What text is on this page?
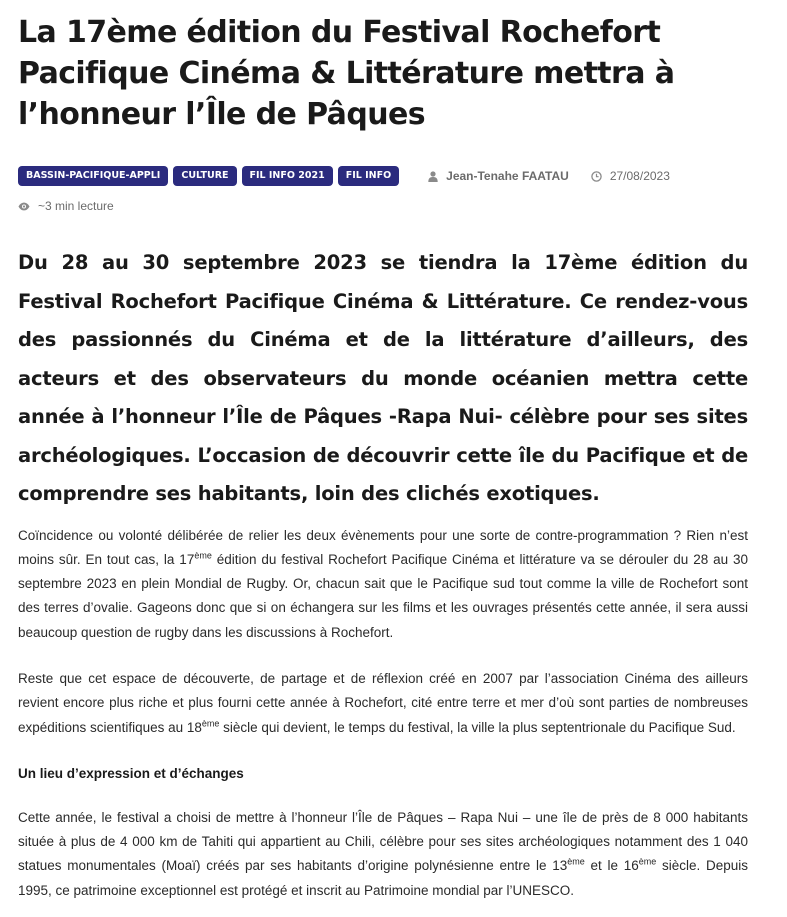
La 17ème édition du Festival Rochefort Pacifique Cinéma & Littérature mettra à l’honneur l’Île de Pâques
BASSIN-PACIFIQUE-APPLI	CULTURE	FIL INFO 2021	FIL INFO	Jean-Tenahe FAATAU	27/08/2023
~3 min lecture

Du 28 au 30 septembre 2023 se tiendra la 17ème édition du Festival Rochefort Pacifique Cinéma & Littérature. Ce rendez-vous des passionnés du Cinéma et de la littérature d’ailleurs, des acteurs et des observateurs du monde océanien mettra cette année à l’honneur l’Île de Pâques -Rapa Nui- célèbre pour ses sites archéologiques. L’occasion de découvrir cette île du Pacifique et de comprendre ses habitants, loin des clichés exotiques.

Coïncidence ou volonté délibérée de relier les deux évènements pour une sorte de contre-programmation ? Rien n’est moins sûr. En tout cas, la 17ème édition du festival Rochefort Pacifique Cinéma et littérature va se dérouler du 28 au 30 septembre 2023 en plein Mondial de Rugby. Or, chacun sait que le Pacifique sud tout comme la ville de Rochefort sont des terres d’ovalie. Gageons donc que si on échangera sur les films et les ouvrages présentés cette année, il sera aussi beaucoup question de rugby dans les discussions à Rochefort.

Reste que cet espace de découverte, de partage et de réflexion créé en 2007 par l’association Cinéma des ailleurs revient encore plus riche et plus fourni cette année à Rochefort, cité entre terre et mer d’où sont parties de nombreuses expéditions scientifiques au 18ème siècle qui devient, le temps du festival, la ville la plus septentrionale du Pacifique Sud.

Un lieu d’expression et d’échanges

Cette année, le festival a choisi de mettre à l’honneur l’Île de Pâques – Rapa Nui – une île de près de 8 000 habitants située à plus de 4 000 km de Tahiti qui appartient au Chili, célèbre pour ses sites archéologiques notamment des 1 040 statues monumentales (Moaï) créés par ses habitants d’origine polynésienne entre le 13ème et le 16ème siècle. Depuis 1995, ce patrimoine exceptionnel est protégé et inscrit au Patrimoine mondial par l’UNESCO.
